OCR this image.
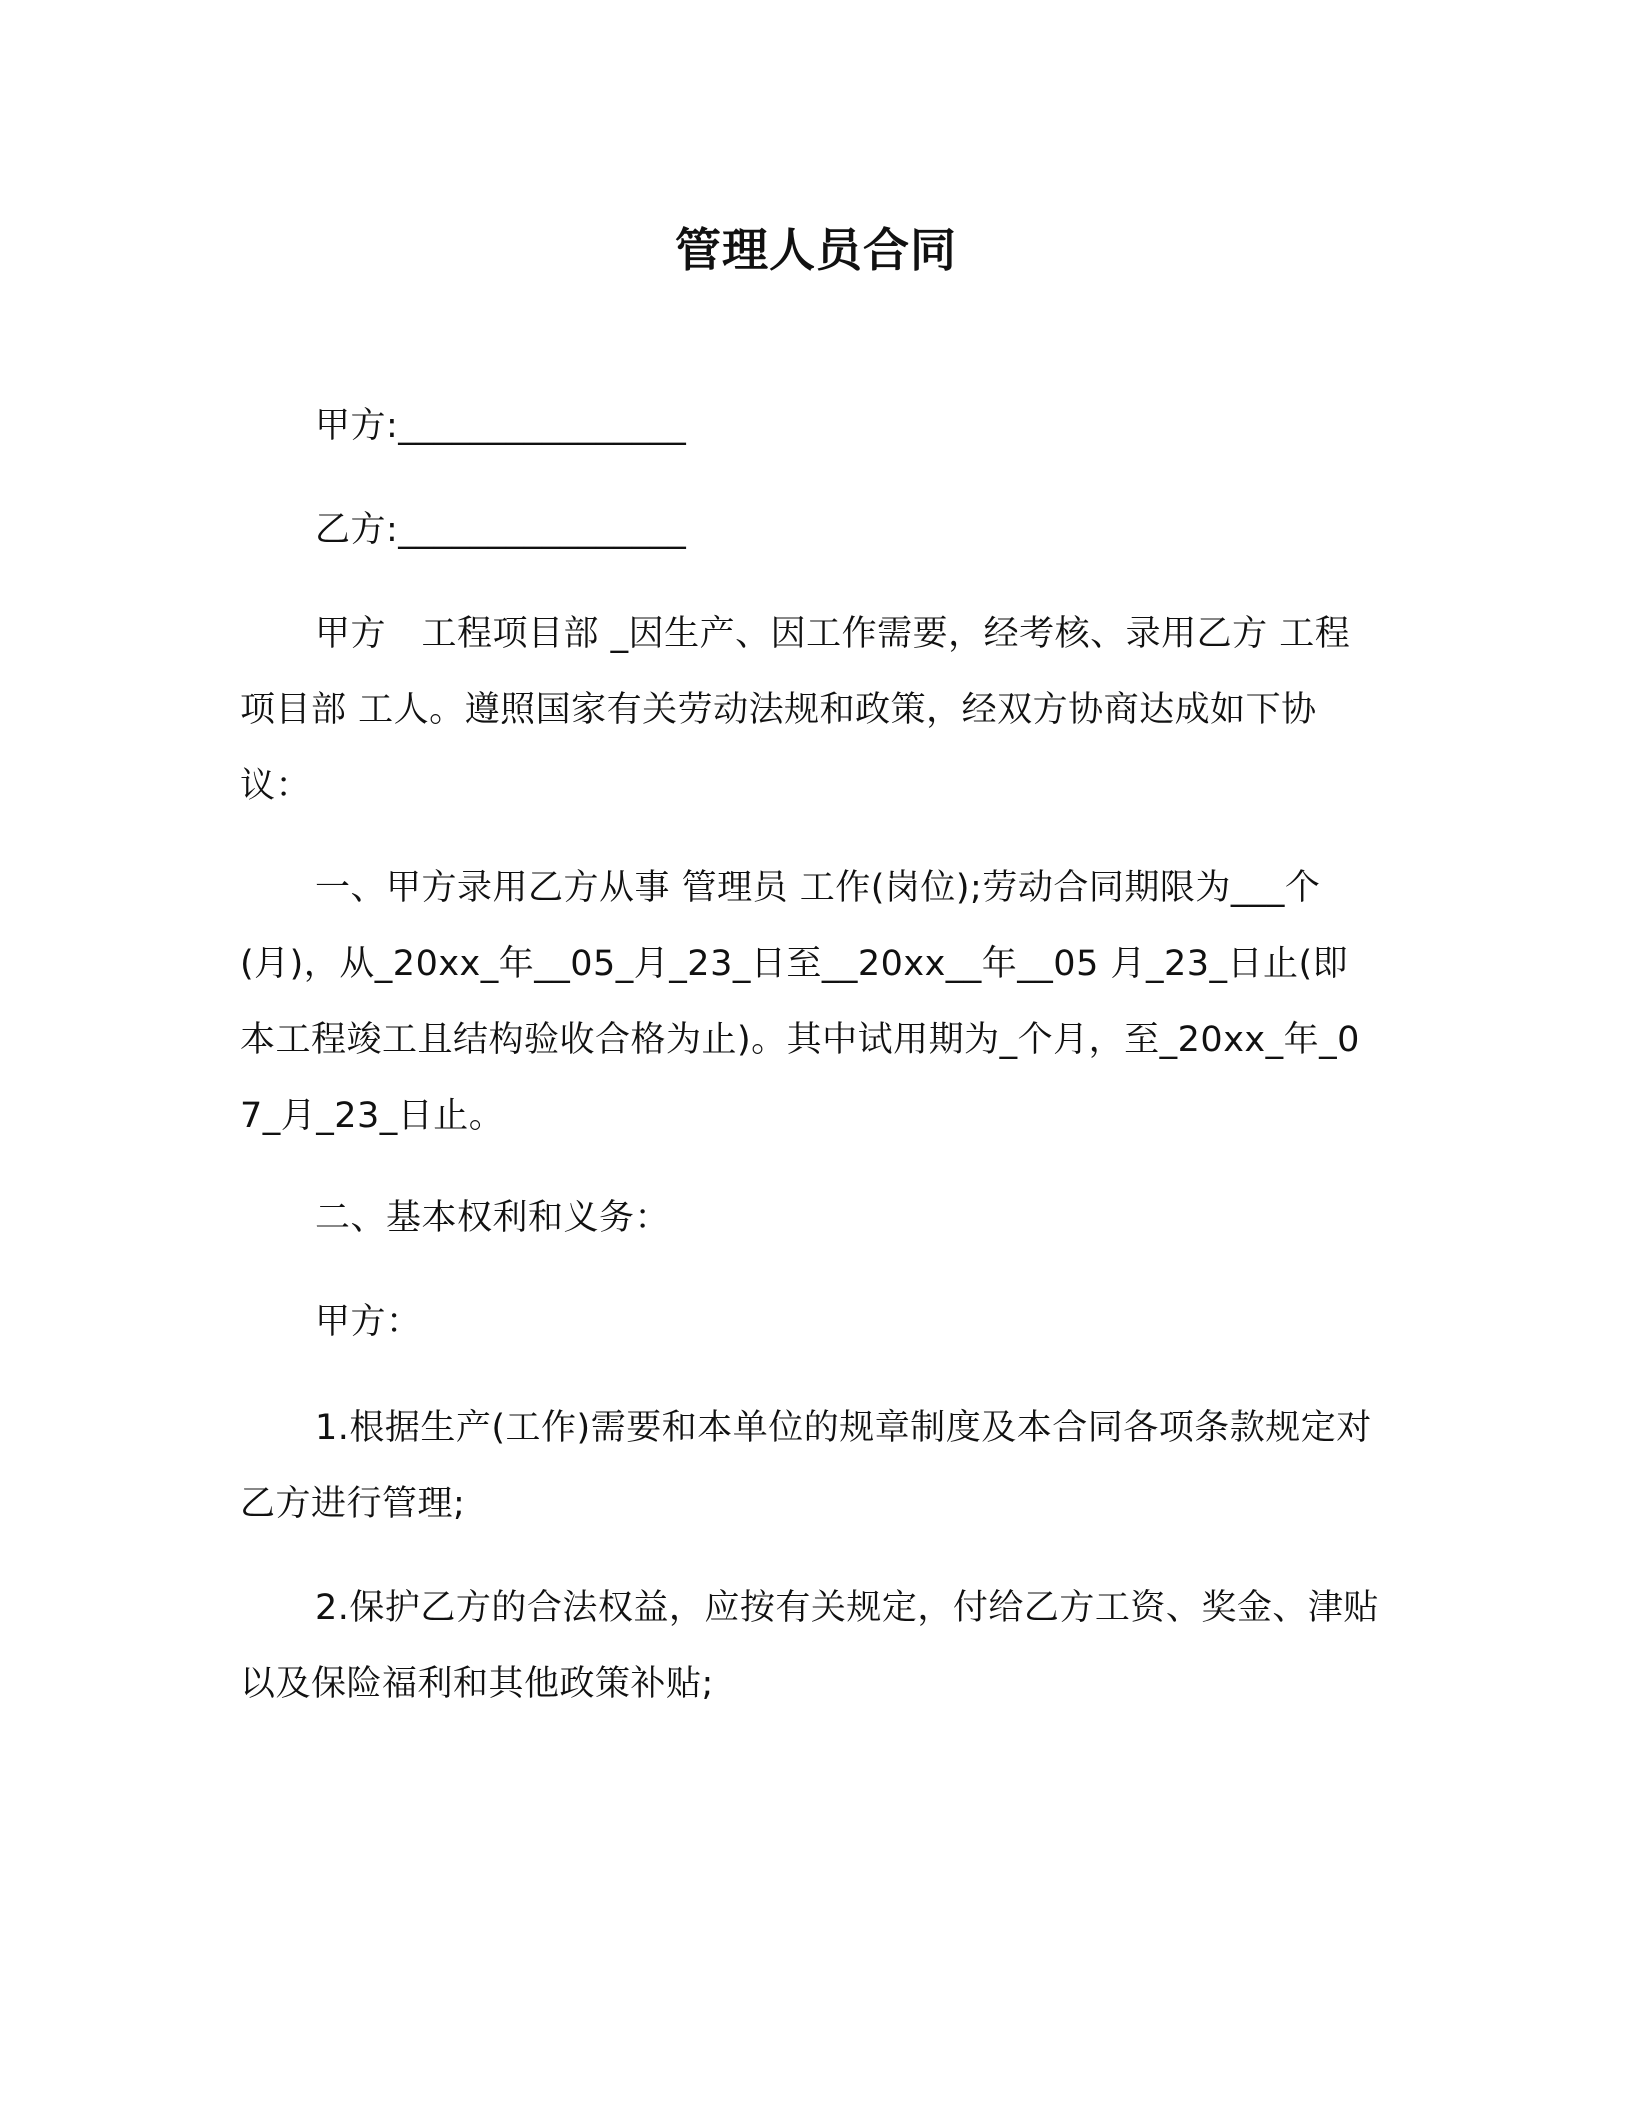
管理人员合同

甲方:________________

乙方:________________

甲方　工程项目部 _因生产、因工作需要，经考核、录用乙方 工程项目部 工人。遵照国家有关劳动法规和政策，经双方协商达成如下协议：

一、甲方录用乙方从事 管理员 工作(岗位);劳动合同期限为___个(月)，从_20xx_年__05_月_23_日至__20xx__年__05 月_23_日止(即本工程竣工且结构验收合格为止)。其中试用期为_个月，至_20xx_年_07_月_23_日止。

二、基本权利和义务：

甲方：

1.根据生产(工作)需要和本单位的规章制度及本合同各项条款规定对乙方进行管理;

2.保护乙方的合法权益，应按有关规定，付给乙方工资、奖金、津贴以及保险福利和其他政策补贴;
